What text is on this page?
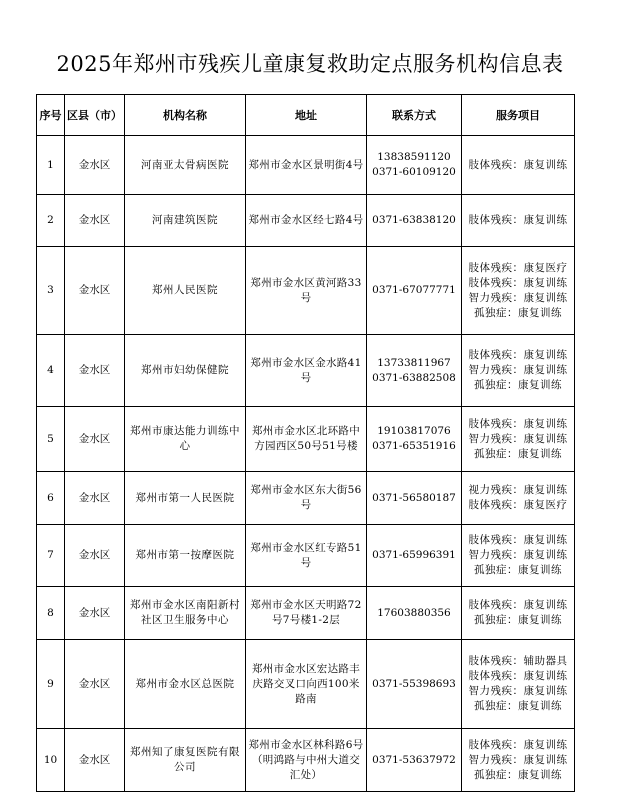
2025年郑州市残疾儿童康复救助定点服务机构信息表
序号	区县（市）	机构名称	地址	联系方式	服务项目
1	金水区	河南亚太骨病医院	郑州市金水区景明街4号	13838591120
0371-60109120	肢体残疾：康复训练

2	金水区	河南建筑医院	郑州市金水区经七路4号	0371-63838120	肢体残疾：康复训练

3	金水区	郑州人民医院	郑州市金水区黄河路33号	0371-67077771	肢体残疾：康复医疗
肢体残疾：康复训练
智力残疾：康复训练
孤独症：康复训练

4	金水区	郑州市妇幼保健院	郑州市金水区金水路41号	13733811967
0371-63882508	肢体残疾：康复训练
智力残疾：康复训练
孤独症：康复训练

5	金水区	郑州市康达能力训练中心	郑州市金水区北环路中方园西区50号51号楼	19103817076
0371-65351916	肢体残疾：康复训练
智力残疾：康复训练
孤独症：康复训练

6	金水区	郑州市第一人民医院	郑州市金水区东大街56号	0371-56580187	视力残疾：康复训练
肢体残疾：康复医疗

7	金水区	郑州市第一按摩医院	郑州市金水区红专路51号	0371-65996391	肢体残疾：康复训练
智力残疾：康复训练
孤独症：康复训练

8	金水区	郑州市金水区南阳新村社区卫生服务中心	郑州市金水区天明路72号7号楼1-2层	17603880356	肢体残疾：康复训练
孤独症：康复训练

9	金水区	郑州市金水区总医院	郑州市金水区宏达路丰庆路交叉口向西100米路南	0371-55398693	肢体残疾：辅助器具
肢体残疾：康复训练
智力残疾：康复训练
孤独症：康复训练

10	金水区	郑州知了康复医院有限公司	郑州市金水区林科路6号（明鸿路与中州大道交汇处）	0371-53637972	肢体残疾：康复训练
智力残疾：康复训练
孤独症：康复训练
